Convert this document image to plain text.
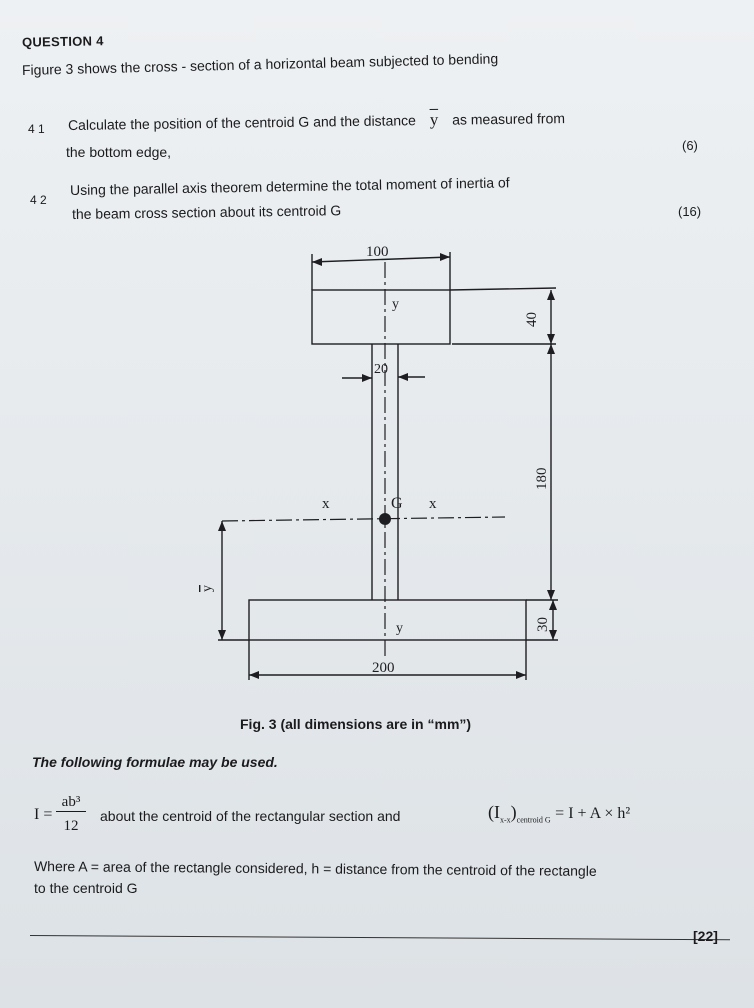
QUESTION 4
Figure 3 shows the cross - section of a horizontal beam subjected to bending
4 1 Calculate the position of the centroid G and the distance $\overline{y}$ as measured from
the bottom edge,	(6)
4 2
Using the parallel axis theorem determine the total moment of inertia of
the beam cross section about its centroid G	(16)
100
20
40
180
30
200
y
y
x	x
G
y
Fig. 3 (all dimensions are in “mm”)
The following formulae may be used.
I =
ab³
12
about the centroid of the rectangular section and	$(I_{x-x})_{centroid G} = I + A \times h^2$
Where A = area of the rectangle considered, h = distance from the centroid of the rectangle
to the centroid G
[22]
